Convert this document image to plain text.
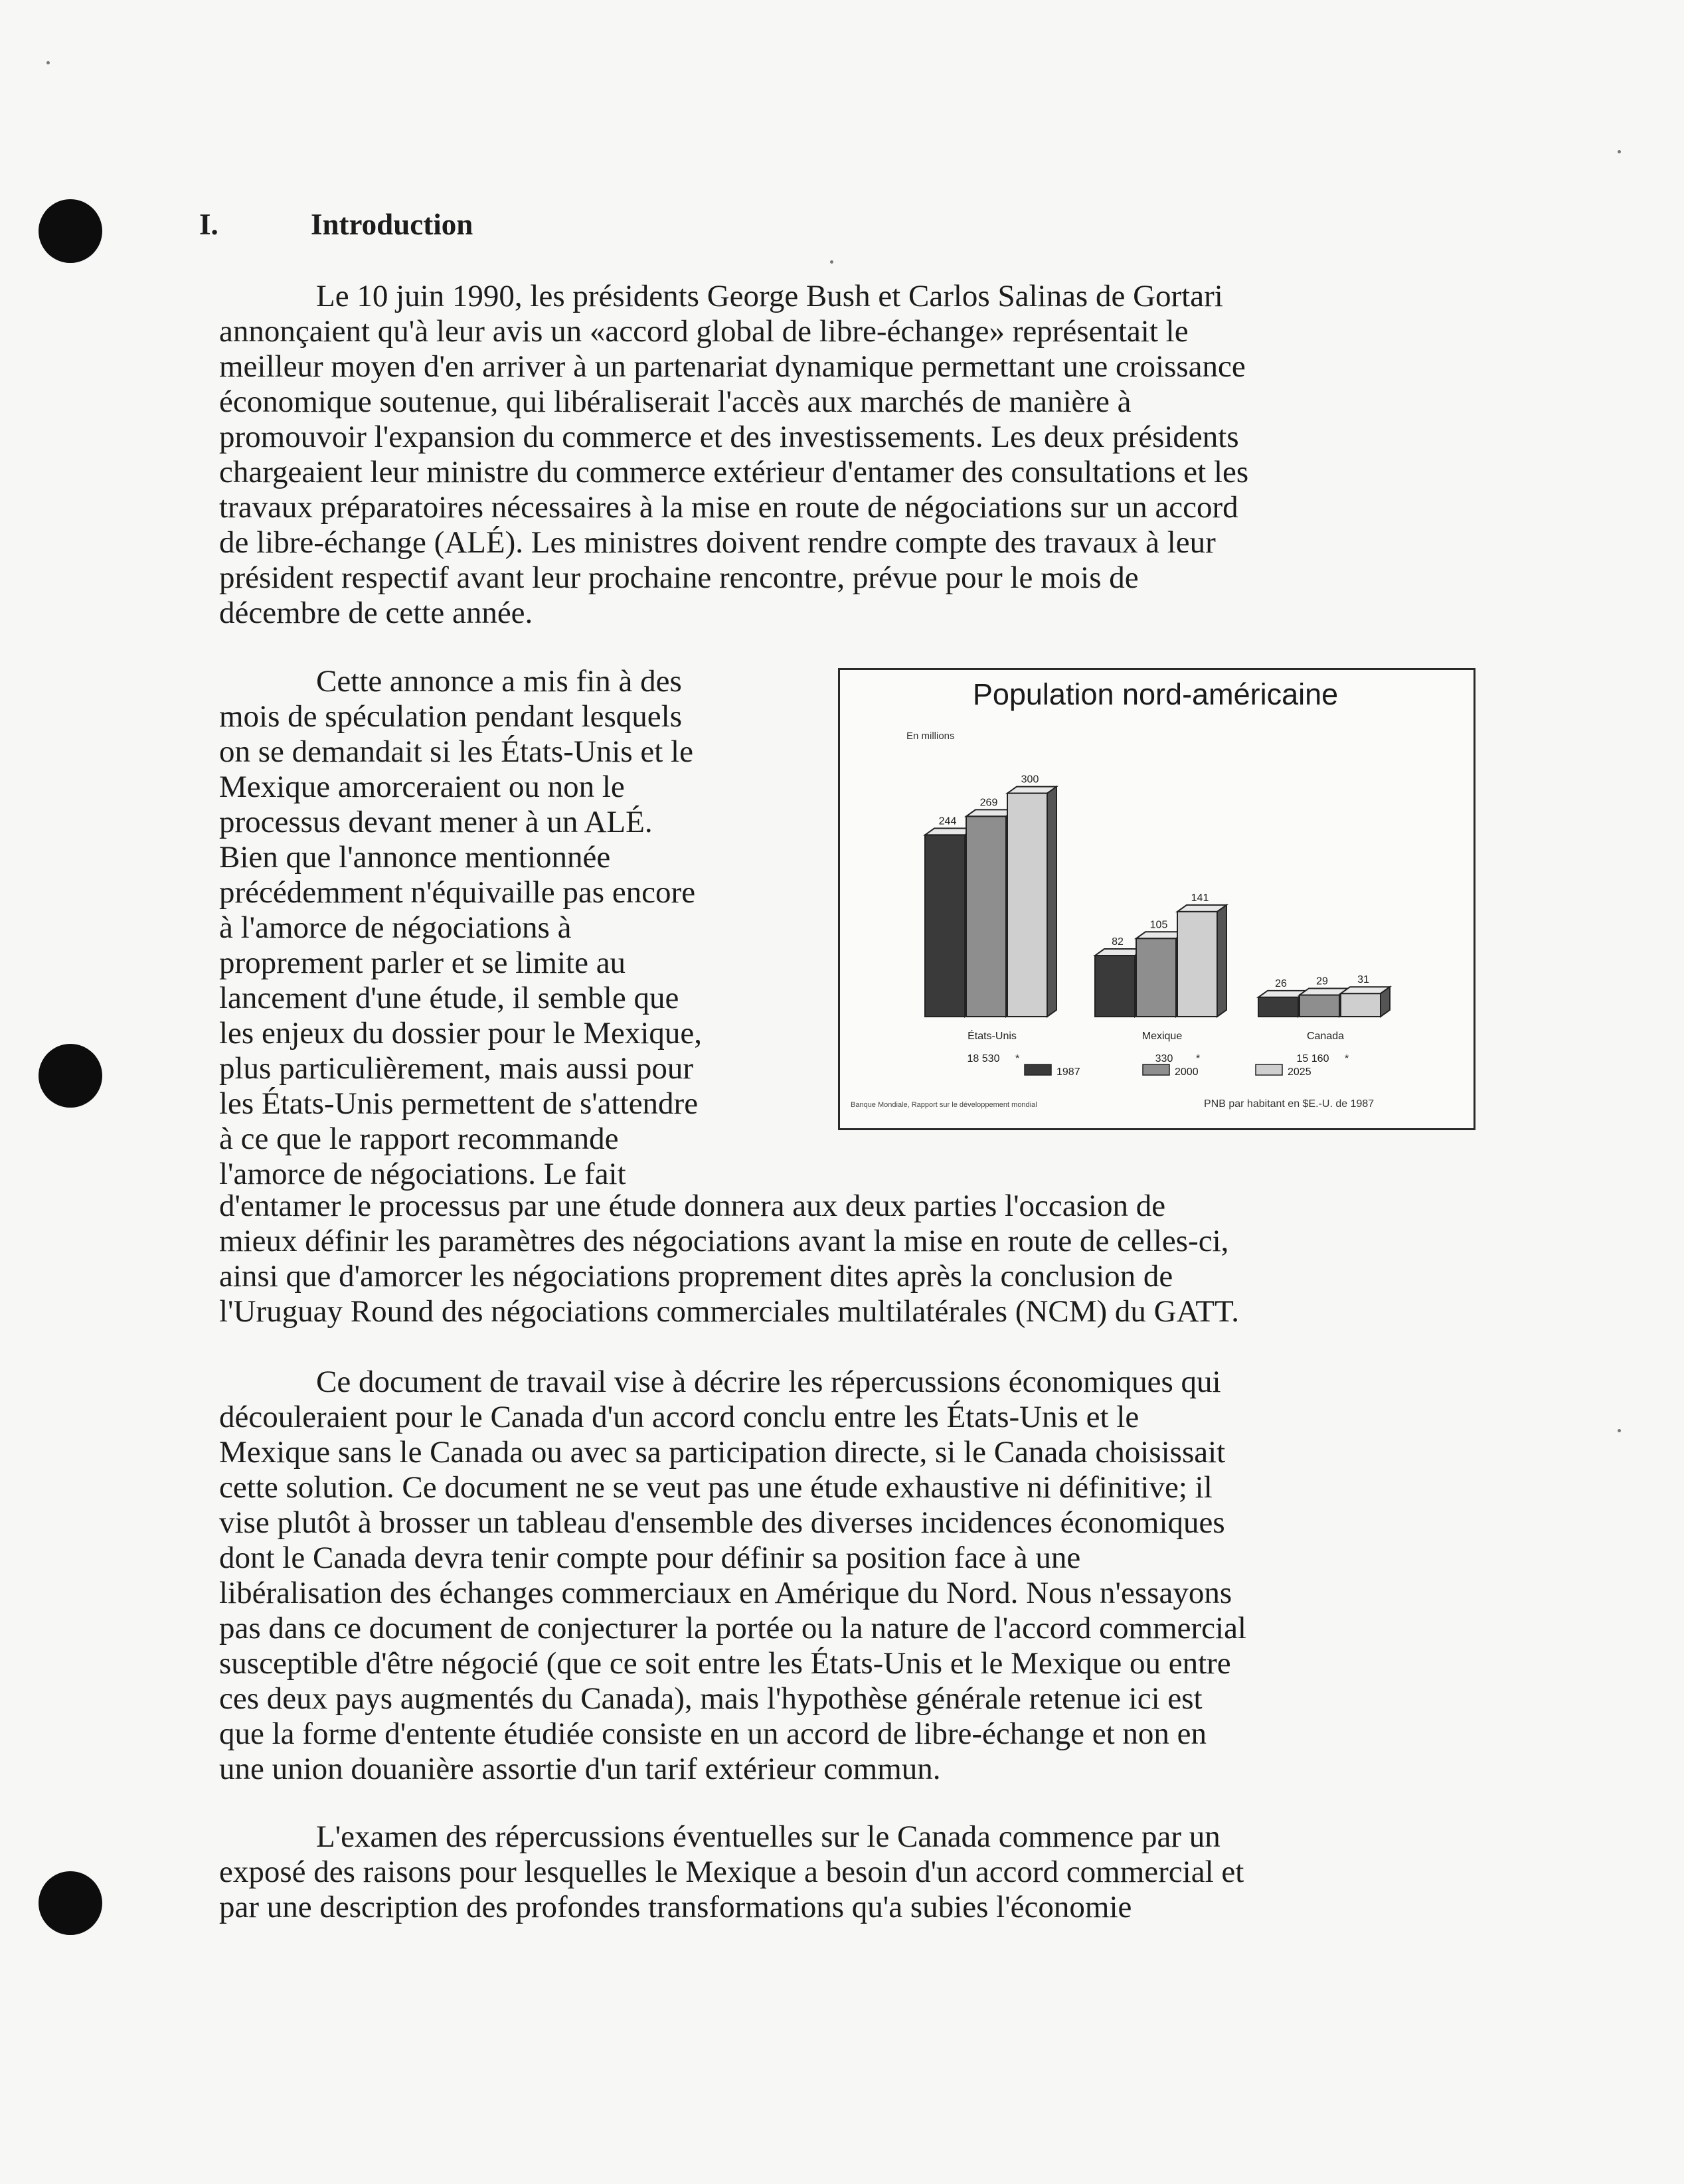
I.	Introduction

Le 10 juin 1990, les présidents George Bush et Carlos Salinas de Gortari
annonçaient qu'à leur avis un «accord global de libre-échange» représentait le
meilleur moyen d'en arriver à un partenariat dynamique permettant une croissance
économique soutenue, qui libéraliserait l'accès aux marchés de manière à
promouvoir l'expansion du commerce et des investissements. Les deux présidents
chargeaient leur ministre du commerce extérieur d'entamer des consultations et les
travaux préparatoires nécessaires à la mise en route de négociations sur un accord
de libre-échange (ALÉ). Les ministres doivent rendre compte des travaux à leur
président respectif avant leur prochaine rencontre, prévue pour le mois de
décembre de cette année.

Cette annonce a mis fin à des
mois de spéculation pendant lesquels
on se demandait si les États-Unis et le
Mexique amorceraient ou non le
processus devant mener à un ALÉ.
Bien que l'annonce mentionnée
précédemment n'équivaille pas encore
à l'amorce de négociations à
proprement parler et se limite au
lancement d'une étude, il semble que
les enjeux du dossier pour le Mexique,
plus particulièrement, mais aussi pour
les États-Unis permettent de s'attendre
à ce que le rapport recommande
l'amorce de négociations. Le fait

d'entamer le processus par une étude donnera aux deux parties l'occasion de
mieux définir les paramètres des négociations avant la mise en route de celles-ci,
ainsi que d'amorcer les négociations proprement dites après la conclusion de
l'Uruguay Round des négociations commerciales multilatérales (NCM) du GATT.

Population nord-américaine
En millions
244
269
300
États-Unis
82
105
141
Mexique
26	29	31
Canada
18 530 *	330 *	15 160 *
1987	2000	2025
Banque Mondiale, Rapport sur le développement mondial	PNB par habitant en $E.-U. de 1987

Ce document de travail vise à décrire les répercussions économiques qui
découleraient pour le Canada d'un accord conclu entre les États-Unis et le
Mexique sans le Canada ou avec sa participation directe, si le Canada choisissait
cette solution. Ce document ne se veut pas une étude exhaustive ni définitive; il
vise plutôt à brosser un tableau d'ensemble des diverses incidences économiques
dont le Canada devra tenir compte pour définir sa position face à une
libéralisation des échanges commerciaux en Amérique du Nord. Nous n'essayons
pas dans ce document de conjecturer la portée ou la nature de l'accord commercial
susceptible d'être négocié (que ce soit entre les États-Unis et le Mexique ou entre
ces deux pays augmentés du Canada), mais l'hypothèse générale retenue ici est
que la forme d'entente étudiée consiste en un accord de libre-échange et non en
une union douanière assortie d'un tarif extérieur commun.

L'examen des répercussions éventuelles sur le Canada commence par un
exposé des raisons pour lesquelles le Mexique a besoin d'un accord commercial et
par une description des profondes transformations qu'a subies l'économie
